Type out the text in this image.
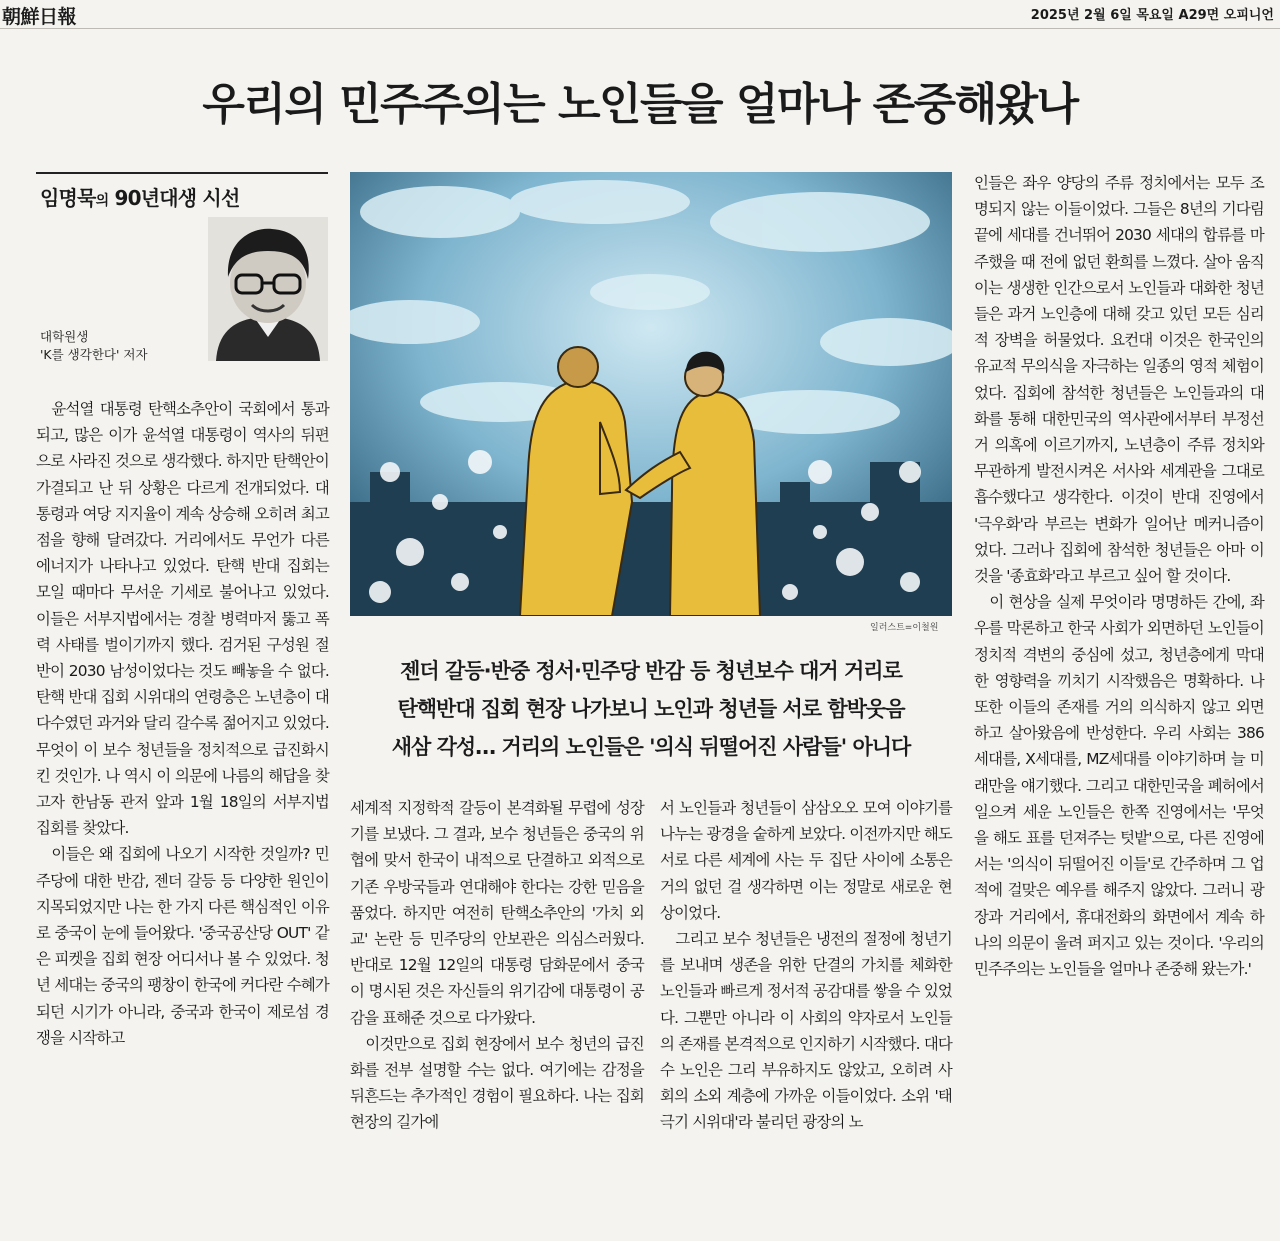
朝鮮日報	2025년 2월 6일 목요일 A29면 오피니언
우리의 민주주의는 노인들을 얼마나 존중해왔나
임명묵의 90년대생 시선
대학원생
'K를 생각한다' 저자

윤석열 대통령 탄핵소추안이 국회에서 통과되고, 많은 이가 윤석열 대통령이 역사의 뒤편으로 사라진 것으로 생각했다. 하지만 탄핵안이 가결되고 난 뒤 상황은 다르게 전개되었다. 대통령과 여당 지지율이 계속 상승해 오히려 최고점을 향해 달려갔다. 거리에서도 무언가 다른 에너지가 나타나고 있었다. 탄핵 반대 집회는 모일 때마다 무서운 기세로 불어나고 있었다. 이들은 서부지법에서는 경찰 병력마저 뚫고 폭력 사태를 벌이기까지 했다. 검거된 구성원 절반이 2030 남성이었다는 것도 빼놓을 수 없다. 탄핵 반대 집회 시위대의 연령층은 노년층이 대다수였던 과거와 달리 갈수록 젊어지고 있었다. 무엇이 이 보수 청년들을 정치적으로 급진화시킨 것인가. 나 역시 이 의문에 나름의 해답을 찾고자 한남동 관저 앞과 1월 18일의 서부지법 집회를 찾았다.

이들은 왜 집회에 나오기 시작한 것일까? 민주당에 대한 반감, 젠더 갈등 등 다양한 원인이 지목되었지만 나는 한 가지 다른 핵심적인 이유로 중국이 눈에 들어왔다. '중국공산당 OUT' 같은 피켓을 집회 현장 어디서나 볼 수 있었다. 청년 세대는 중국의 팽창이 한국에 커다란 수혜가 되던 시기가 아니라, 중국과 한국이 제로섬 경쟁을 시작하고

일러스트=이철원
젠더 갈등·반중 정서·민주당 반감 등 청년보수 대거 거리로
탄핵반대 집회 현장 나가보니 노인과 청년들 서로 함박웃음
새삼 각성… 거리의 노인들은 '의식 뒤떨어진 사람들' 아니다

세계적 지정학적 갈등이 본격화될 무렵에 성장기를 보냈다. 그 결과, 보수 청년들은 중국의 위협에 맞서 한국이 내적으로 단결하고 외적으로 기존 우방국들과 연대해야 한다는 강한 믿음을 품었다. 하지만 여전히 탄핵소추안의 '가치 외교' 논란 등 민주당의 안보관은 의심스러웠다. 반대로 12월 12일의 대통령 담화문에서 중국이 명시된 것은 자신들의 위기감에 대통령이 공감을 표해준 것으로 다가왔다.

이것만으로 집회 현장에서 보수 청년의 급진화를 전부 설명할 수는 없다. 여기에는 감정을 뒤흔드는 추가적인 경험이 필요하다. 나는 집회 현장의 길가에

서 노인들과 청년들이 삼삼오오 모여 이야기를 나누는 광경을 숱하게 보았다. 이전까지만 해도 서로 다른 세계에 사는 두 집단 사이에 소통은 거의 없던 걸 생각하면 이는 정말로 새로운 현상이었다.

그리고 보수 청년들은 냉전의 절정에 청년기를 보내며 생존을 위한 단결의 가치를 체화한 노인들과 빠르게 정서적 공감대를 쌓을 수 있었다. 그뿐만 아니라 이 사회의 약자로서 노인들의 존재를 본격적으로 인지하기 시작했다. 대다수 노인은 그리 부유하지도 않았고, 오히려 사회의 소외 계층에 가까운 이들이었다. 소위 '태극기 시위대'라 불리던 광장의 노

인들은 좌우 양당의 주류 정치에서는 모두 조명되지 않는 이들이었다. 그들은 8년의 기다림 끝에 세대를 건너뛰어 2030 세대의 합류를 마주했을 때 전에 없던 환희를 느꼈다. 살아 움직이는 생생한 인간으로서 노인들과 대화한 청년들은 과거 노인층에 대해 갖고 있던 모든 심리적 장벽을 허물었다. 요컨대 이것은 한국인의 유교적 무의식을 자극하는 일종의 영적 체험이었다. 집회에 참석한 청년들은 노인들과의 대화를 통해 대한민국의 역사관에서부터 부정선거 의혹에 이르기까지, 노년층이 주류 정치와 무관하게 발전시켜온 서사와 세계관을 그대로 흡수했다고 생각한다. 이것이 반대 진영에서 '극우화'라 부르는 변화가 일어난 메커니즘이었다. 그러나 집회에 참석한 청년들은 아마 이것을 '종효화'라고 부르고 싶어 할 것이다.

이 현상을 실제 무엇이라 명명하든 간에, 좌우를 막론하고 한국 사회가 외면하던 노인들이 정치적 격변의 중심에 섰고, 청년층에게 막대한 영향력을 끼치기 시작했음은 명확하다. 나 또한 이들의 존재를 거의 의식하지 않고 외면하고 살아왔음에 반성한다. 우리 사회는 386세대를, X세대를, MZ세대를 이야기하며 늘 미래만을 얘기했다. 그리고 대한민국을 폐허에서 일으켜 세운 노인들은 한쪽 진영에서는 '무엇을 해도 표를 던져주는 텃밭'으로, 다른 진영에서는 '의식이 뒤떨어진 이들'로 간주하며 그 업적에 걸맞은 예우를 해주지 않았다. 그러니 광장과 거리에서, 휴대전화의 화면에서 계속 하나의 의문이 울려 퍼지고 있는 것이다. '우리의 민주주의는 노인들을 얼마나 존중해 왔는가.'
